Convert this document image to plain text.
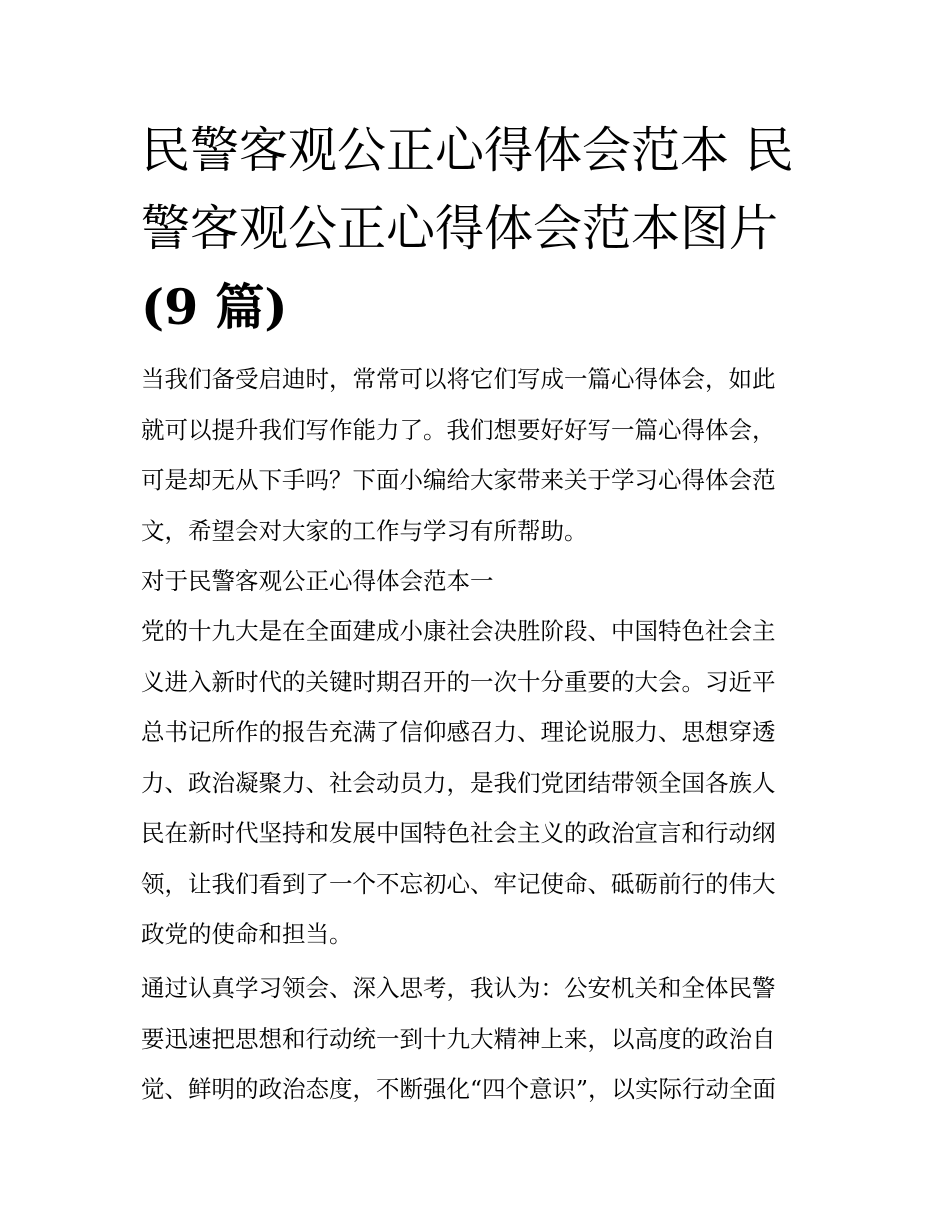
民警客观公正心得体会范本 民
警客观公正心得体会范本图片
(9 篇)
当我们备受启迪时，常常可以将它们写成一篇心得体会，如此
就可以提升我们写作能力了。我们想要好好写一篇心得体会，
可是却无从下手吗？下面小编给大家带来关于学习心得体会范
文，希望会对大家的工作与学习有所帮助。
对于民警客观公正心得体会范本一
党的十九大是在全面建成小康社会决胜阶段、中国特色社会主
义进入新时代的关键时期召开的一次十分重要的大会。习近平
总书记所作的报告充满了信仰感召力、理论说服力、思想穿透
力、政治凝聚力、社会动员力，是我们党团结带领全国各族人
民在新时代坚持和发展中国特色社会主义的政治宣言和行动纲
领，让我们看到了一个不忘初心、牢记使命、砥砺前行的伟大
政党的使命和担当。
通过认真学习领会、深入思考，我认为：公安机关和全体民警
要迅速把思想和行动统一到十九大精神上来，以高度的政治自
觉、鲜明的政治态度，不断强化“四个意识”，以实际行动全面
